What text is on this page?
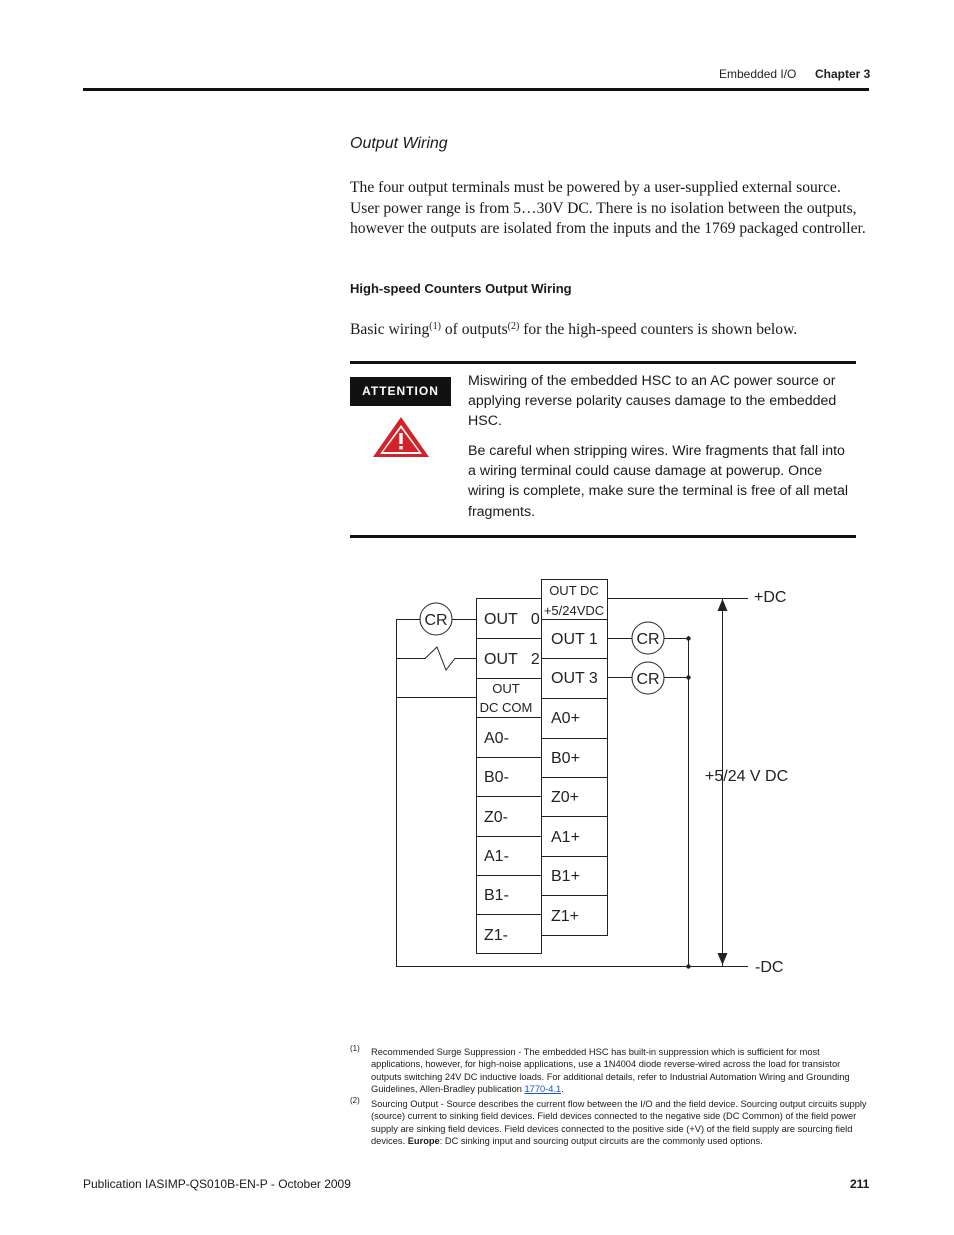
Embedded I/O Chapter 3
Output Wiring
The four output terminals must be powered by a user-supplied external source. User power range is from 5…30V DC. There is no isolation between the outputs, however the outputs are isolated from the inputs and the 1769 packaged controller.
High-speed Counters Output Wiring
Basic wiring$^{(1)}$ of outputs$^{(2)}$ for the high-speed counters is shown below.
ATTENTION
Miswiring of the embedded HSC to an AC power source or applying reverse polarity causes damage to the embedded HSC.
Be careful when stripping wires. Wire fragments that fall into a wiring terminal could cause damage at powerup. Once wiring is complete, make sure the terminal is free of all metal fragments.
OUT   0
OUT   2
OUT
DC COM
A0-
B0-
Z0-
A1-
B1-
Z1-
OUT DC
+5/24VDC
OUT 1
OUT 3
A0+
B0+
Z0+
A1+
B1+
Z1+
CR
CR
CR
+DC
-DC
+5/24 V DC
(1) Recommended Surge Suppression - The embedded HSC has built-in suppression which is sufficient for most applications, however, for high-noise applications, use a 1N4004 diode reverse-wired across the load for transistor outputs switching 24V DC inductive loads. For additional details, refer to Industrial Automation Wiring and Grounding Guidelines, Allen-Bradley publication 1770-4.1.
(2) Sourcing Output - Source describes the current flow between the I/O and the field device. Sourcing output circuits supply (source) current to sinking field devices. Field devices connected to the negative side (DC Common) of the field power supply are sinking field devices. Field devices connected to the positive side (+V) of the field supply are sourcing field devices. Europe: DC sinking input and sourcing output circuits are the commonly used options.
Publication IASIMP-QS010B-EN-P - October 2009	211
